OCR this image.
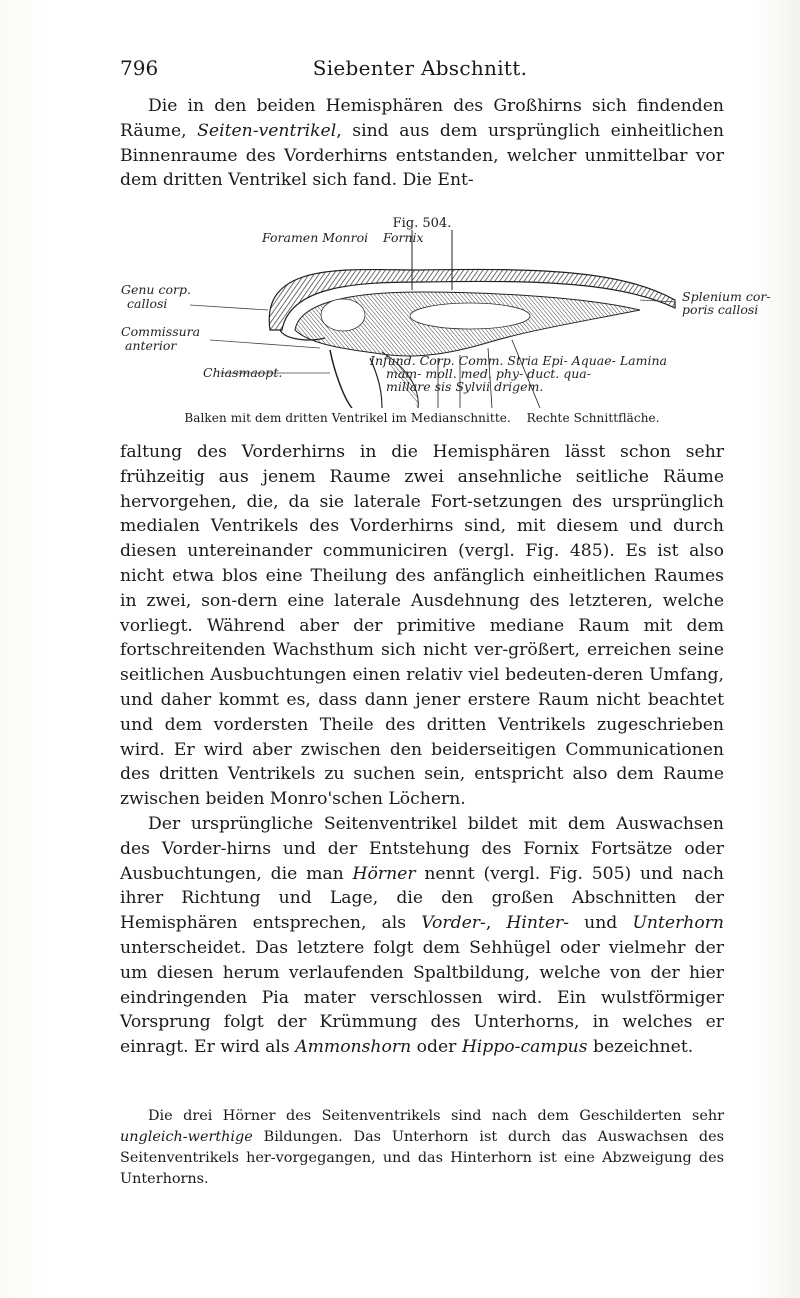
796	Siebenter Abschnitt.

Die in den beiden Hemisphären des Großhirns sich findenden Räume, Seiten-ventrikel, sind aus dem ursprünglich einheitlichen Binnenraume des Vorderhirns entstanden, welcher unmittelbar vor dem dritten Ventrikel sich fand. Die Ent-

Fig. 504.
Foramen Monroi Fornix
Genu corp.
callosi
Commissura
anterior
Chiasmaopt.
Splenium cor-
poris callosi
Infund. Corp. Comm. Stria Epi- Aquae- Lamina
mam- moll. med. phy- duct. qua-
millare sis Sylvii drigem.
Balken mit dem dritten Ventrikel im Medianschnitte. Rechte Schnittfläche.

faltung des Vorderhirns in die Hemisphären lässt schon sehr frühzeitig aus jenem Raume zwei ansehnliche seitliche Räume hervorgehen, die, da sie laterale Fort-setzungen des ursprünglich medialen Ventrikels des Vorderhirns sind, mit diesem und durch diesen untereinander communiciren (vergl. Fig. 485). Es ist also nicht etwa blos eine Theilung des anfänglich einheitlichen Raumes in zwei, son-dern eine laterale Ausdehnung des letzteren, welche vorliegt. Während aber der primitive mediane Raum mit dem fortschreitenden Wachsthum sich nicht ver-größert, erreichen seine seitlichen Ausbuchtungen einen relativ viel bedeuten-deren Umfang, und daher kommt es, dass dann jener erstere Raum nicht beachtet und dem vordersten Theile des dritten Ventrikels zugeschrieben wird. Er wird aber zwischen den beiderseitigen Communicationen des dritten Ventrikels zu suchen sein, entspricht also dem Raume zwischen beiden Monro'schen Löchern.

Der ursprüngliche Seitenventrikel bildet mit dem Auswachsen des Vorder-hirns und der Entstehung des Fornix Fortsätze oder Ausbuchtungen, die man Hörner nennt (vergl. Fig. 505) und nach ihrer Richtung und Lage, die den großen Abschnitten der Hemisphären entsprechen, als Vorder-, Hinter- und Unterhorn unterscheidet. Das letztere folgt dem Sehhügel oder vielmehr der um diesen herum verlaufenden Spaltbildung, welche von der hier eindringenden Pia mater verschlossen wird. Ein wulstförmiger Vorsprung folgt der Krümmung des Unterhorns, in welches er einragt. Er wird als Ammonshorn oder Hippo-campus bezeichnet.

Die drei Hörner des Seitenventrikels sind nach dem Geschilderten sehr ungleich-werthige Bildungen. Das Unterhorn ist durch das Auswachsen des Seitenventrikels her-vorgegangen, und das Hinterhorn ist eine Abzweigung des Unterhorns.
